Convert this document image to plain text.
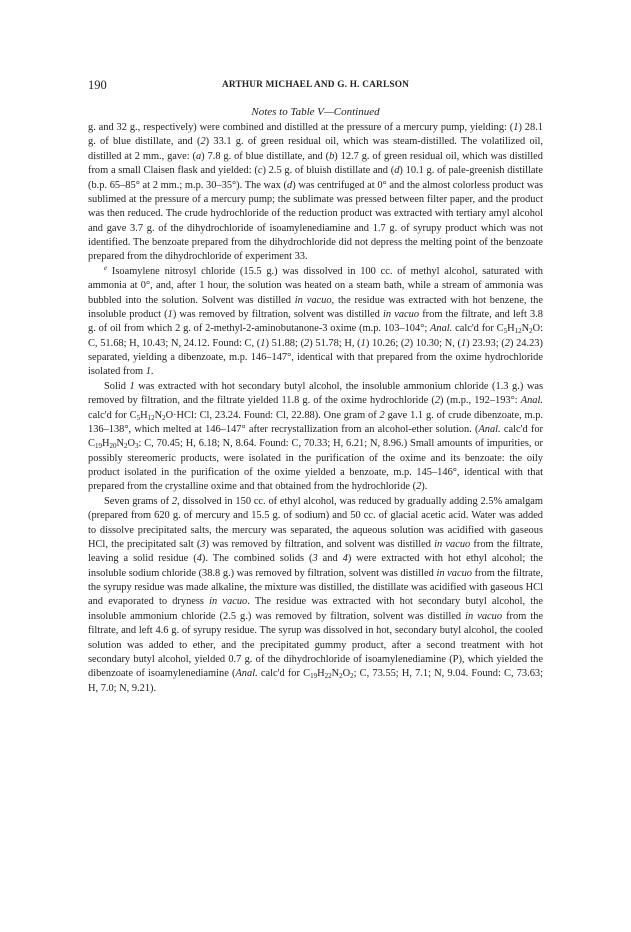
190	ARTHUR MICHAEL AND G. H. CARLSON
Notes to Table V—Continued

g. and 32 g., respectively) were combined and distilled at the pressure of a mercury pump, yielding: (1) 28.1 g. of blue distillate, and (2) 33.1 g. of green residual oil, which was steam-distilled. The volatilized oil, distilled at 2 mm., gave: (a) 7.8 g. of blue distillate, and (b) 12.7 g. of green residual oil, which was distilled from a small Claisen flask and yielded: (c) 2.5 g. of bluish distillate and (d) 10.1 g. of pale-greenish distillate (b.p. 65–85° at 2 mm.; m.p. 30–35°). The wax (d) was centrifuged at 0° and the almost colorless product was sublimed at the pressure of a mercury pump; the sublimate was pressed between filter paper, and the product was then reduced. The crude hydrochloride of the reduction product was extracted with tertiary amyl alcohol and gave 3.7 g. of the dihydrochloride of isoamylenediamine and 1.7 g. of syrupy product which was not identified. The benzoate prepared from the dihydrochloride did not depress the melting point of the benzoate prepared from the dihydrochloride of experiment 33.

$^e$ Isoamylene nitrosyl chloride (15.5 g.) was dissolved in 100 cc. of methyl alcohol, saturated with ammonia at 0°, and, after 1 hour, the solution was heated on a steam bath, while a stream of ammonia was bubbled into the solution. Solvent was distilled in vacuo, the residue was extracted with hot benzene, the insoluble product (1) was removed by filtration, solvent was distilled in vacuo from the filtrate, and left 3.8 g. of oil from which 2 g. of 2-methyl-2-aminobutanone-3 oxime (m.p. 103–104°; Anal. calc'd for $C_5H_{12}N_2O$: C, 51.68; H, 10.43; N, 24.12. Found: C, (1) 51.88; (2) 51.78; H, (1) 10.26; (2) 10.30; N, (1) 23.93; (2) 24.23) separated, yielding a dibenzoate, m.p. 146–147°, identical with that prepared from the oxime hydrochloride isolated from 1.

Solid 1 was extracted with hot secondary butyl alcohol, the insoluble ammonium chloride (1.3 g.) was removed by filtration, and the filtrate yielded 11.8 g. of the oxime hydrochloride (2) (m.p., 192–193°: Anal. calc'd for $C_5H_{12}N_2O\cdot HCl$: Cl, 23.24. Found: Cl, 22.88). One gram of 2 gave 1.1 g. of crude dibenzoate, m.p. 136–138°, which melted at 146–147° after recrystallization from an alcohol-ether solution. (Anal. calc'd for $C_{19}H_{20}N_2O_3$: C, 70.45; H, 6.18; N, 8.64. Found: C, 70.33; H, 6.21; N, 8.96.) Small amounts of impurities, or possibly stereomeric products, were isolated in the purification of the oxime and its benzoate: the oily product isolated in the purification of the oxime yielded a benzoate, m.p. 145–146°, identical with that prepared from the crystalline oxime and that obtained from the hydrochloride (2).

Seven grams of 2, dissolved in 150 cc. of ethyl alcohol, was reduced by gradually adding 2.5% amalgam (prepared from 620 g. of mercury and 15.5 g. of sodium) and 50 cc. of glacial acetic acid. Water was added to dissolve precipitated salts, the mercury was separated, the aqueous solution was acidified with gaseous HCl, the precipitated salt (3) was removed by filtration, and solvent was distilled in vacuo from the filtrate, leaving a solid residue (4). The combined solids (3 and 4) were extracted with hot ethyl alcohol; the insoluble sodium chloride (38.8 g.) was removed by filtration, solvent was distilled in vacuo from the filtrate, the syrupy residue was made alkaline, the mixture was distilled, the distillate was acidified with gaseous HCl and evaporated to dryness in vacuo. The residue was extracted with hot secondary butyl alcohol, the insoluble ammonium chloride (2.5 g.) was removed by filtration, solvent was distilled in vacuo from the filtrate, and left 4.6 g. of syrupy residue. The syrup was dissolved in hot, secondary butyl alcohol, the cooled solution was added to ether, and the precipitated gummy product, after a second treatment with hot secondary butyl alcohol, yielded 0.7 g. of the dihydrochloride of isoamylenediamine (P), which yielded the dibenzoate of isoamylenediamine (Anal. calc'd for $C_{19}H_{22}N_2O_2$; C, 73.55; H, 7.1; N, 9.04. Found: C, 73.63; H, 7.0; N, 9.21).
